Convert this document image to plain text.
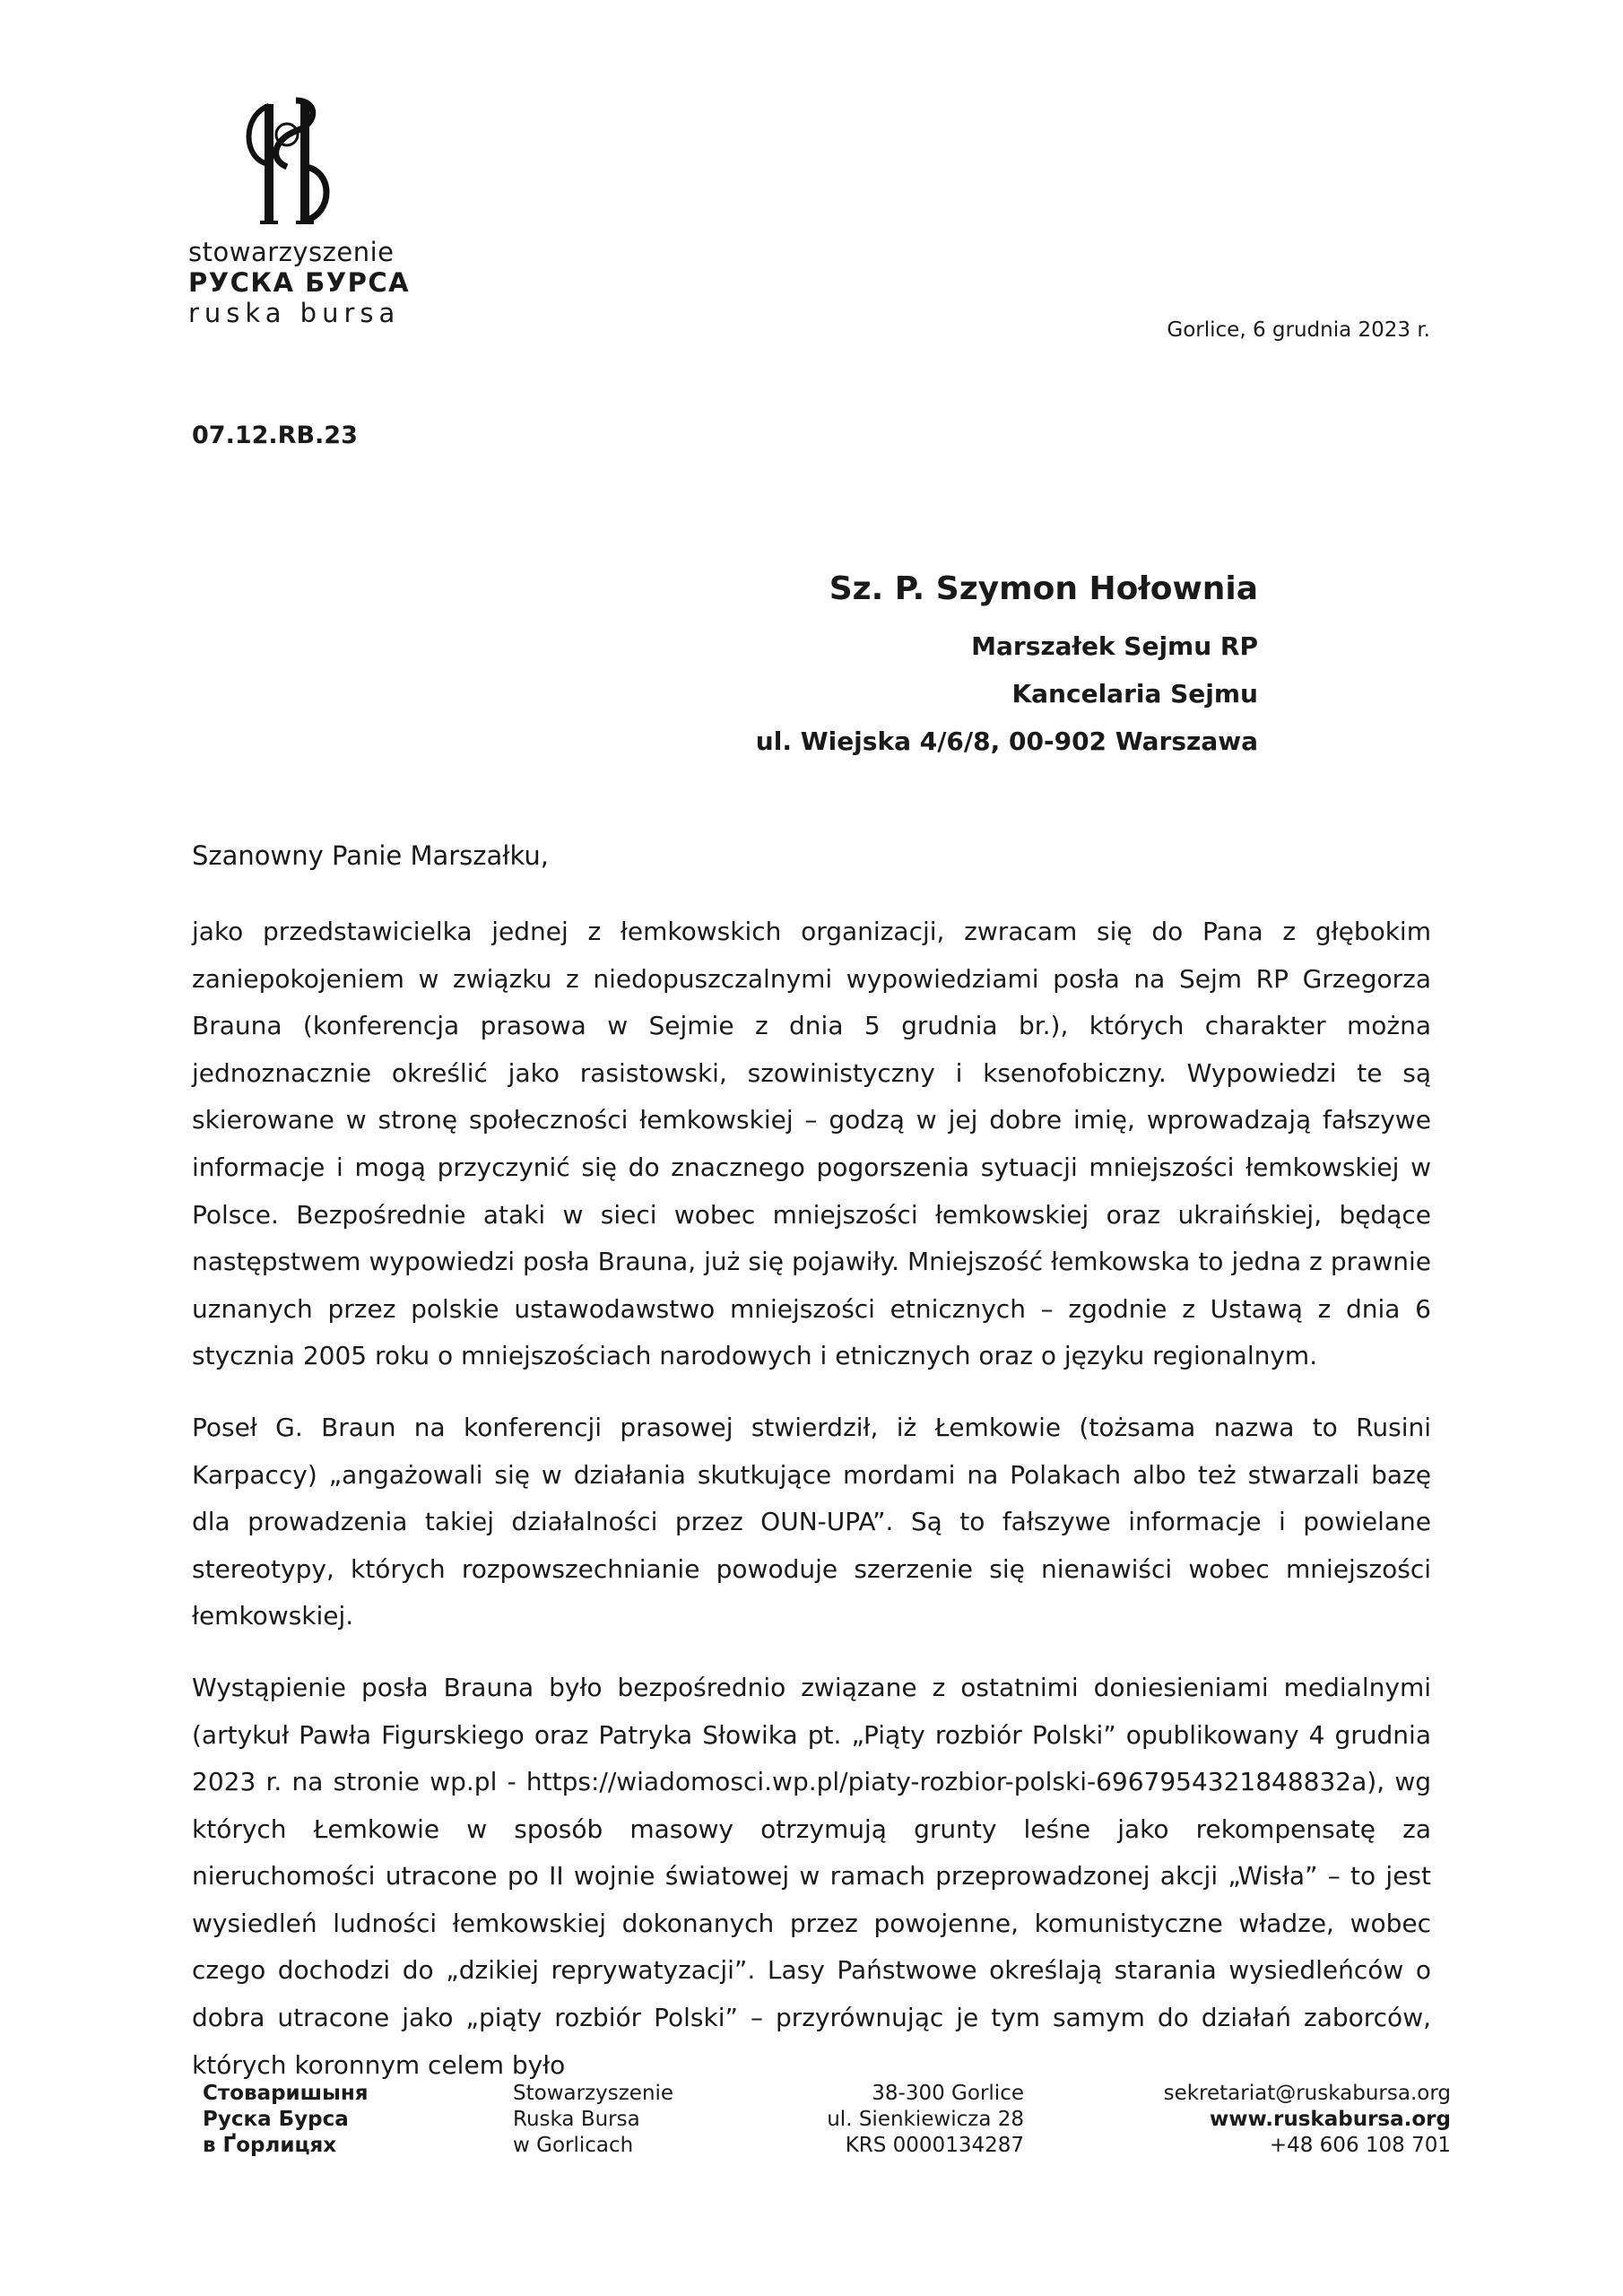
stowarzyszenie
РУСКА БУРСА
ruska bursa
Gorlice, 6 grudnia 2023 r.
07.12.RB.23
Sz. P. Szymon Hołownia
Marszałek Sejmu RP
Kancelaria Sejmu
ul. Wiejska 4/6/8, 00-902 Warszawa
Szanowny Panie Marszałku,

jako przedstawicielka jednej z łemkowskich organizacji, zwracam się do Pana z głębokim zaniepokojeniem w związku z niedopuszczalnymi wypowiedziami posła na Sejm RP Grzegorza Brauna (konferencja prasowa w Sejmie z dnia 5 grudnia br.), których charakter można jednoznacznie określić jako rasistowski, szowinistyczny i ksenofobiczny. Wypowiedzi te są skierowane w stronę społeczności łemkowskiej – godzą w jej dobre imię, wprowadzają fałszywe informacje i mogą przyczynić się do znacznego pogorszenia sytuacji mniejszości łemkowskiej w Polsce. Bezpośrednie ataki w sieci wobec mniejszości łemkowskiej oraz ukraińskiej, będące następstwem wypowiedzi posła Brauna, już się pojawiły. Mniejszość łemkowska to jedna z prawnie uznanych przez polskie ustawodawstwo mniejszości etnicznych – zgodnie z Ustawą z dnia 6 stycznia 2005 roku o mniejszościach narodowych i etnicznych oraz o języku regionalnym.

Poseł G. Braun na konferencji prasowej stwierdził, iż Łemkowie (tożsama nazwa to Rusini Karpaccy) „angażowali się w działania skutkujące mordami na Polakach albo też stwarzali bazę dla prowadzenia takiej działalności przez OUN-UPA”. Są to fałszywe informacje i powielane stereotypy, których rozpowszechnianie powoduje szerzenie się nienawiści wobec mniejszości łemkowskiej.

Wystąpienie posła Brauna było bezpośrednio związane z ostatnimi doniesieniami medialnymi (artykuł Pawła Figurskiego oraz Patryka Słowika pt. „Piąty rozbiór Polski” opublikowany 4 grudnia 2023 r. na stronie wp.pl - https://wiadomosci.wp.pl/piaty-rozbior-polski-6967954321848832a), wg których Łemkowie w sposób masowy otrzymują grunty leśne jako rekompensatę za nieruchomości utracone po II wojnie światowej w ramach przeprowadzonej akcji „Wisła” – to jest wysiedleń ludności łemkowskiej dokonanych przez powojenne, komunistyczne władze, wobec czego dochodzi do „dzikiej reprywatyzacji”. Lasy Państwowe określają starania wysiedleńców o dobra utracone jako „piąty rozbiór Polski” – przyrównując je tym samym do działań zaborców, których koronnym celem było

Стоваришыня
Руска Бурса
в Ґорлицях
Stowarzyszenie
Ruska Bursa
w Gorlicach
38-300 Gorlice
ul. Sienkiewicza 28
KRS 0000134287
sekretariat@ruskabursa.org
www.ruskabursa.org
+48 606 108 701
